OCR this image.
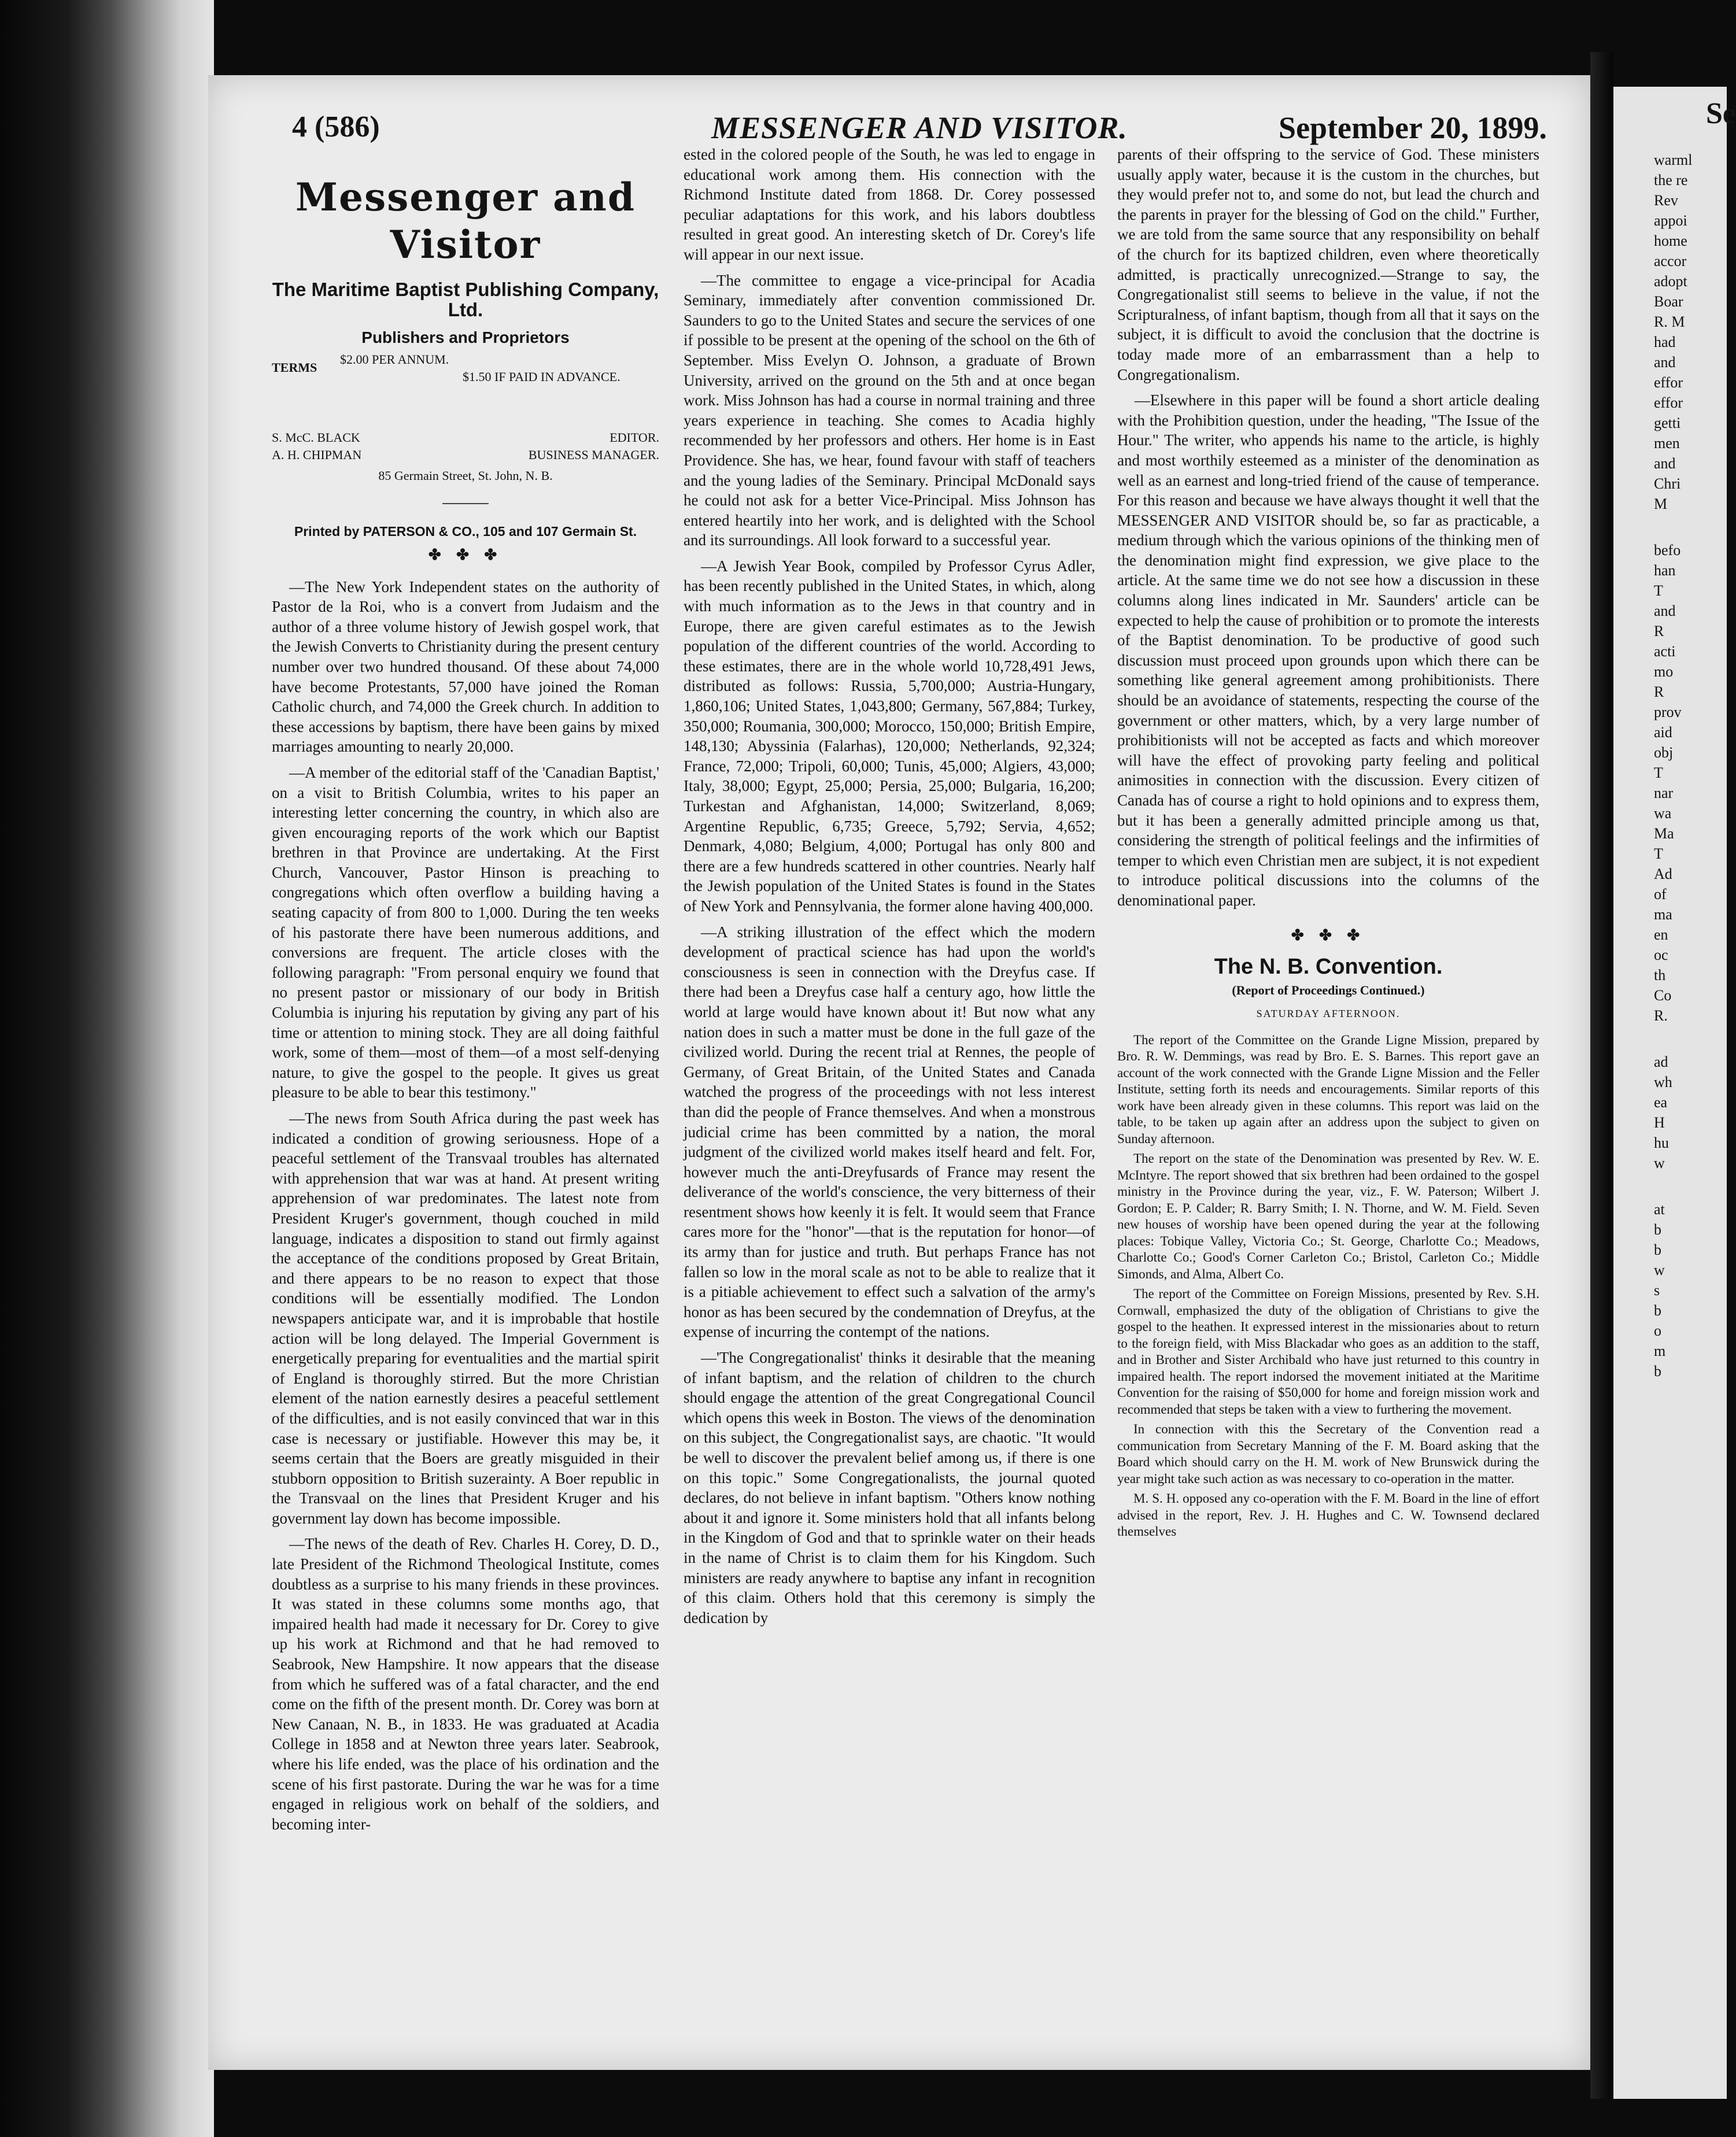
4 (586)	MESSENGER AND VISITOR.	September 20, 1899.
Messenger and Visitor
The Maritime Baptist Publishing Company, Ltd.
Publishers and Proprietors
TERMS
$2.00 PER ANNUM.
$1.50 IF PAID IN ADVANCE.
S. McC. BLACK	EDITOR.
A. H. CHIPMAN	BUSINESS MANAGER.
85 Germain Street, St. John, N. B.
Printed by PATERSON & CO., 105 and 107 Germain St.
✤ ✤ ✤

—The New York Independent states on the authority of Pastor de la Roi, who is a convert from Judaism and the author of a three volume history of Jewish gospel work, that the Jewish Converts to Christianity during the present century number over two hundred thousand. Of these about 74,000 have become Protestants, 57,000 have joined the Roman Catholic church, and 74,000 the Greek church. In addition to these accessions by baptism, there have been gains by mixed marriages amounting to nearly 20,000.

—A member of the editorial staff of the 'Canadian Baptist,' on a visit to British Columbia, writes to his paper an interesting letter concerning the country, in which also are given encouraging reports of the work which our Baptist brethren in that Province are undertaking. At the First Church, Vancouver, Pastor Hinson is preaching to congregations which often overflow a building having a seating capacity of from 800 to 1,000. During the ten weeks of his pastorate there have been numerous additions, and conversions are frequent. The article closes with the following paragraph: "From personal enquiry we found that no present pastor or missionary of our body in British Columbia is injuring his reputation by giving any part of his time or attention to mining stock. They are all doing faithful work, some of them—most of them—of a most self-denying nature, to give the gospel to the people. It gives us great pleasure to be able to bear this testimony."

—The news from South Africa during the past week has indicated a condition of growing seriousness. Hope of a peaceful settlement of the Transvaal troubles has alternated with apprehension that war was at hand. At present writing apprehension of war predominates. The latest note from President Kruger's government, though couched in mild language, indicates a disposition to stand out firmly against the acceptance of the conditions proposed by Great Britain, and there appears to be no reason to expect that those conditions will be essentially modified. The London newspapers anticipate war, and it is improbable that hostile action will be long delayed. The Imperial Government is energetically preparing for eventualities and the martial spirit of England is thoroughly stirred. But the more Christian element of the nation earnestly desires a peaceful settlement of the difficulties, and is not easily convinced that war in this case is necessary or justifiable. However this may be, it seems certain that the Boers are greatly misguided in their stubborn opposition to British suzerainty. A Boer republic in the Transvaal on the lines that President Kruger and his government lay down has become impossible.

—The news of the death of Rev. Charles H. Corey, D. D., late President of the Richmond Theological Institute, comes doubtless as a surprise to his many friends in these provinces. It was stated in these columns some months ago, that impaired health had made it necessary for Dr. Corey to give up his work at Richmond and that he had removed to Seabrook, New Hampshire. It now appears that the disease from which he suffered was of a fatal character, and the end come on the fifth of the present month. Dr. Corey was born at New Canaan, N. B., in 1833. He was graduated at Acadia College in 1858 and at Newton three years later. Seabrook, where his life ended, was the place of his ordination and the scene of his first pastorate. During the war he was for a time engaged in religious work on behalf of the soldiers, and becoming inter-

ested in the colored people of the South, he was led to engage in educational work among them. His connection with the Richmond Institute dated from 1868. Dr. Corey possessed peculiar adaptations for this work, and his labors doubtless resulted in great good. An interesting sketch of Dr. Corey's life will appear in our next issue.

—The committee to engage a vice-principal for Acadia Seminary, immediately after convention commissioned Dr. Saunders to go to the United States and secure the services of one if possible to be present at the opening of the school on the 6th of September. Miss Evelyn O. Johnson, a graduate of Brown University, arrived on the ground on the 5th and at once began work. Miss Johnson has had a course in normal training and three years experience in teaching. She comes to Acadia highly recommended by her professors and others. Her home is in East Providence. She has, we hear, found favour with staff of teachers and the young ladies of the Seminary. Principal McDonald says he could not ask for a better Vice-Principal. Miss Johnson has entered heartily into her work, and is delighted with the School and its surroundings. All look forward to a successful year.

—A Jewish Year Book, compiled by Professor Cyrus Adler, has been recently published in the United States, in which, along with much information as to the Jews in that country and in Europe, there are given careful estimates as to the Jewish population of the different countries of the world. According to these estimates, there are in the whole world 10,728,491 Jews, distributed as follows: Russia, 5,700,000; Austria-Hungary, 1,860,106; United States, 1,043,800; Germany, 567,884; Turkey, 350,000; Roumania, 300,000; Morocco, 150,000; British Empire, 148,130; Abyssinia (Falarhas), 120,000; Netherlands, 92,324; France, 72,000; Tripoli, 60,000; Tunis, 45,000; Algiers, 43,000; Italy, 38,000; Egypt, 25,000; Persia, 25,000; Bulgaria, 16,200; Turkestan and Afghanistan, 14,000; Switzerland, 8,069; Argentine Republic, 6,735; Greece, 5,792; Servia, 4,652; Denmark, 4,080; Belgium, 4,000; Portugal has only 800 and there are a few hundreds scattered in other countries. Nearly half the Jewish population of the United States is found in the States of New York and Pennsylvania, the former alone having 400,000.

—A striking illustration of the effect which the modern development of practical science has had upon the world's consciousness is seen in connection with the Dreyfus case. If there had been a Dreyfus case half a century ago, how little the world at large would have known about it! But now what any nation does in such a matter must be done in the full gaze of the civilized world. During the recent trial at Rennes, the people of Germany, of Great Britain, of the United States and Canada watched the progress of the proceedings with not less interest than did the people of France themselves. And when a monstrous judicial crime has been committed by a nation, the moral judgment of the civilized world makes itself heard and felt. For, however much the anti-Dreyfusards of France may resent the deliverance of the world's conscience, the very bitterness of their resentment shows how keenly it is felt. It would seem that France cares more for the "honor"—that is the reputation for honor—of its army than for justice and truth. But perhaps France has not fallen so low in the moral scale as not to be able to realize that it is a pitiable achievement to effect such a salvation of the army's honor as has been secured by the condemnation of Dreyfus, at the expense of incurring the contempt of the nations.

—'The Congregationalist' thinks it desirable that the meaning of infant baptism, and the relation of children to the church should engage the attention of the great Congregational Council which opens this week in Boston. The views of the denomination on this subject, the Congregationalist says, are chaotic. "It would be well to discover the prevalent belief among us, if there is one on this topic." Some Congregationalists, the journal quoted declares, do not believe in infant baptism. "Others know nothing about it and ignore it. Some ministers hold that all infants belong in the Kingdom of God and that to sprinkle water on their heads in the name of Christ is to claim them for his Kingdom. Such ministers are ready anywhere to baptise any infant in recognition of this claim. Others hold that this ceremony is simply the dedication by

parents of their offspring to the service of God. These ministers usually apply water, because it is the custom in the churches, but they would prefer not to, and some do not, but lead the church and the parents in prayer for the blessing of God on the child." Further, we are told from the same source that any responsibility on behalf of the church for its baptized children, even where theoretically admitted, is practically unrecognized.—Strange to say, the Congregationalist still seems to believe in the value, if not the Scripturalness, of infant baptism, though from all that it says on the subject, it is difficult to avoid the conclusion that the doctrine is today made more of an embarrassment than a help to Congregationalism.

—Elsewhere in this paper will be found a short article dealing with the Prohibition question, under the heading, "The Issue of the Hour." The writer, who appends his name to the article, is highly and most worthily esteemed as a minister of the denomination as well as an earnest and long-tried friend of the cause of temperance. For this reason and because we have always thought it well that the MESSENGER AND VISITOR should be, so far as practicable, a medium through which the various opinions of the thinking men of the denomination might find expression, we give place to the article. At the same time we do not see how a discussion in these columns along lines indicated in Mr. Saunders' article can be expected to help the cause of prohibition or to promote the interests of the Baptist denomination. To be productive of good such discussion must proceed upon grounds upon which there can be something like general agreement among prohibitionists. There should be an avoidance of statements, respecting the course of the government or other matters, which, by a very large number of prohibitionists will not be accepted as facts and which moreover will have the effect of provoking party feeling and political animosities in connection with the discussion. Every citizen of Canada has of course a right to hold opinions and to express them, but it has been a generally admitted principle among us that, considering the strength of political feelings and the infirmities of temper to which even Christian men are subject, it is not expedient to introduce political discussions into the columns of the denominational paper.

✤ ✤ ✤
The N. B. Convention.
(Report of Proceedings Continued.)
SATURDAY AFTERNOON.

The report of the Committee on the Grande Ligne Mission, prepared by Bro. R. W. Demmings, was read by Bro. E. S. Barnes. This report gave an account of the work connected with the Grande Ligne Mission and the Feller Institute, setting forth its needs and encouragements. Similar reports of this work have been already given in these columns. This report was laid on the table, to be taken up again after an address upon the subject to given on Sunday afternoon.

The report on the state of the Denomination was presented by Rev. W. E. McIntyre. The report showed that six brethren had been ordained to the gospel ministry in the Province during the year, viz., F. W. Paterson; Wilbert J. Gordon; E. P. Calder; R. Barry Smith; I. N. Thorne, and W. M. Field. Seven new houses of worship have been opened during the year at the following places: Tobique Valley, Victoria Co.; St. George, Charlotte Co.; Meadows, Charlotte Co.; Good's Corner Carleton Co.; Bristol, Carleton Co.; Middle Simonds, and Alma, Albert Co.

The report of the Committee on Foreign Missions, presented by Rev. S.H. Cornwall, emphasized the duty of the obligation of Christians to give the gospel to the heathen. It expressed interest in the missionaries about to return to the foreign field, with Miss Blackadar who goes as an addition to the staff, and in Brother and Sister Archibald who have just returned to this country in impaired health. The report indorsed the movement initiated at the Maritime Convention for the raising of $50,000 for home and foreign mission work and recommended that steps be taken with a view to furthering the movement.

In connection with this the Secretary of the Convention read a communication from Secretary Manning of the F. M. Board asking that the Board which should carry on the H. M. work of New Brunswick during the year might take such action as was necessary to co-operation in the matter.

M. S. H. opposed any co-operation with the F. M. Board in the line of effort advised in the report, Rev. J. H. Hughes and C. W. Townsend declared themselves

Se
warml
the re
Rev
appoi
home
accor
adopt
Boar
R. M
had
and
effor
effor
getti
men
and
Chri
M
befo
han
T
and
R
acti
mo
R
prov
aid
obj
T
nar
wa
Ma
T
Ad
of
ma
en
oc
th
Co
R.
ad
wh
ea
H
hu
w
at
b
b
w
s
b
o
m
b
